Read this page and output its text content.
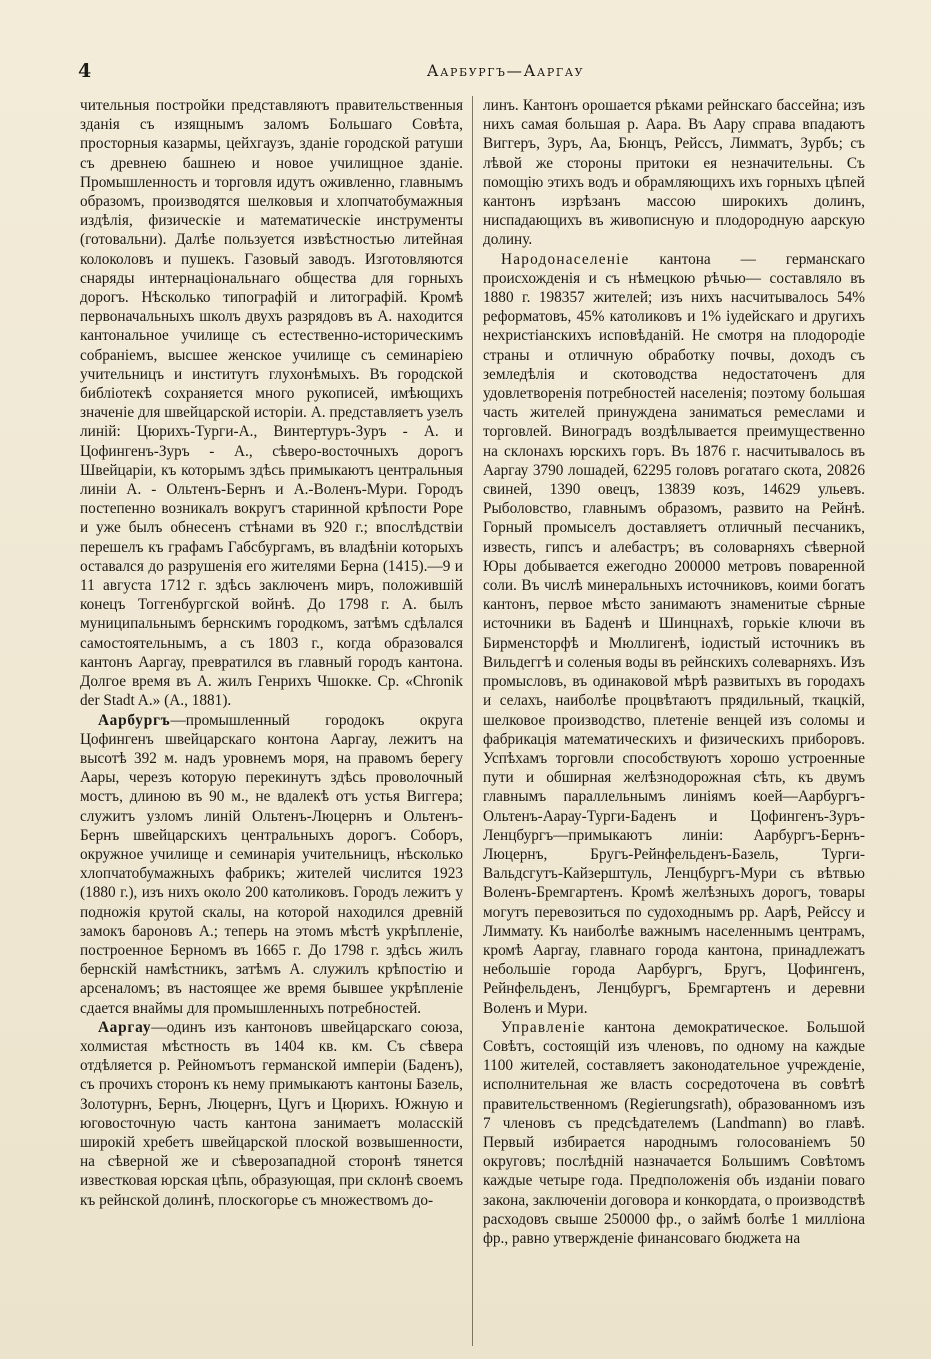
4	Аарбургъ—Ааргау

чительныя постройки представляютъ правительственныя зданія съ изящнымъ заломъ Большаго Совѣта, просторныя казармы, цейхгаузъ, зданіе городской ратуши съ древнею башнею и новое училищное зданіе. Промышленность и торговля идутъ оживленно, главнымъ образомъ, производятся шелковыя и хлопчатобумажныя издѣлія, физическіе и математическіе инструменты (готовальни). Далѣе пользуется извѣстностью литейная колоколовъ и пушекъ. Газовый заводъ. Изготовляются снаряды интернаціональнаго общества для горныхъ дорогъ. Нѣсколько типографій и литографій. Кромѣ первоначальныхъ школъ двухъ разрядовъ въ А. находится кантональное училище съ естественно-историческимъ собраніемъ, высшее женское училище съ семинаріею учительницъ и институтъ глухонѣмыхъ. Въ городской библіотекѣ сохраняется много рукописей, имѣющихъ значеніе для швейцарской исторіи. А. представляетъ узелъ линій: Цюрихъ-Турги-А., Винтертуръ-Зуръ - А. и Цофингенъ-Зуръ - А., сѣверо-восточныхъ дорогъ Швейцаріи, къ которымъ здѣсь примыкаютъ центральныя линіи А. - Ольтенъ-Бернъ и А.-Воленъ-Мури. Городъ постепенно возникалъ вокругъ старинной крѣпости Роре и уже былъ обнесенъ стѣнами въ 920 г.; впослѣдствіи перешелъ къ графамъ Габсбургамъ, въ владѣніи которыхъ оставался до разрушенія его жителями Берна (1415).—9 и 11 августа 1712 г. здѣсь заключенъ миръ, положившій конецъ Тоггенбургской войнѣ. До 1798 г. А. былъ муниципальнымъ бернскимъ городкомъ, затѣмъ сдѣлался самостоятельнымъ, а съ 1803 г., когда образовался кантонъ Ааргау, превратился въ главный городъ кантона. Долгое время въ А. жилъ Генрихъ Чшокке. Ср. «Chronik der Stadt A.» (A., 1881).

Аарбургъ—промышленный городокъ округа Цофингенъ швейцарскаго контона Ааргау, лежитъ на высотѣ 392 м. надъ уровнемъ моря, на правомъ берегу Аары, черезъ которую перекинутъ здѣсь проволочный мостъ, длиною въ 90 м., не вдалекѣ отъ устья Виггера; служитъ узломъ линій Ольтенъ-Люцернъ и Ольтенъ-Бернъ швейцарскихъ центральныхъ дорогъ. Соборъ, окружное училище и семинарія учительницъ, нѣсколько хлопчатобумажныхъ фабрикъ; жителей числится 1923 (1880 г.), изъ нихъ около 200 католиковъ. Городъ лежитъ у подножія крутой скалы, на которой находился древній замокъ бароновъ А.; теперь на этомъ мѣстѣ укрѣпленіе, построенное Бернoмъ въ 1665 г. До 1798 г. здѣсь жилъ бернскій намѣстникъ, затѣмъ А. служилъ крѣпостію и арсеналомъ; въ настоящее же время бывшее укрѣпленіе сдается внаймы для промышленныхъ потребностей.

Ааргау—одинъ изъ кантоновъ швейцарскаго союза, холмистая мѣстность въ 1404 кв. км. Съ сѣвера отдѣляется р. Рейномъотъ германской имперіи (Баденъ), съ прочихъ сторонъ къ нему примыкаютъ кантоны Базель, Золотурнъ, Бернъ, Люцернъ, Цугъ и Цюрихъ. Южную и юговосточную часть кантона занимаетъ моласскій широкій хребетъ швейцарской плоской возвышенности, на сѣверной же и сѣверозападной сторонѣ тянется известковая юрская цѣпь, образующая, при склонѣ своемъ къ рейнской долинѣ, плоскогорье съ множествомъ до-

линъ. Кантонъ орошается рѣками рейнскаго бассейна; изъ нихъ самая большая р. Аара. Въ Аару справа впадаютъ Виггеръ, Зуръ, Аа, Бюнцъ, Рейссъ, Лимматъ, Зурбъ; съ лѣвой же стороны притоки ея незначительны. Съ помощію этихъ водъ и обрамляющихъ ихъ горныхъ цѣпей кантонъ изрѣзанъ массою широкихъ долинъ, ниспадающихъ въ живописную и плодородную аарскую долину.

Народонаселеніе кантона — германскаго происхожденія и съ нѣмецкою рѣчью— составляло въ 1880 г. 198357 жителей; изъ нихъ насчитывалось 54% реформатовъ, 45% католиковъ и 1% іудейскаго и другихъ нехристіанскихъ исповѣданій. Не смотря на плодородіе страны и отличную обработку почвы, доходъ съ земледѣлія и скотоводства недостаточенъ для удовлетворенія потребностей населенія; поэтому большая часть жителей принуждена заниматься ремеслами и торговлей. Виноградъ воздѣлывается преимущественно на склонахъ юрскихъ горъ. Въ 1876 г. насчитывалось въ Ааргау 3790 лошадей, 62295 головъ рогатаго скота, 20826 свиней, 1390 овецъ, 13839 козъ, 14629 ульевъ. Рыболовство, главнымъ образомъ, развито на Рейнѣ. Горный промыселъ доставляетъ отличный песчаникъ, известь, гипсъ и алебастръ; въ соловарняхъ сѣверной Юры добывается ежегодно 200000 метровъ поваренной соли. Въ числѣ минеральныхъ источниковъ, коими богатъ кантонъ, первое мѣсто занимаютъ знаменитые сѣрные источники въ Баденѣ и Шинцнахѣ, горькіе ключи въ Бирменсторфѣ и Мюллигенѣ, іодистый источникъ въ Вильдеггѣ и соленыя воды въ рейнскихъ солеварняхъ. Изъ промысловъ, въ одинаковой мѣрѣ развитыхъ въ городахъ и селахъ, наиболѣе процвѣтаютъ прядильный, ткацкій, шелковое производство, плетеніе венцей изъ соломы и фабрикація математическихъ и физическихъ приборовъ. Успѣхамъ торговли способствуютъ хорошо устроенные пути и обширная желѣзнодорожная сѣть, къ двумъ главнымъ параллельнымъ линіямъ коей—Аарбургъ-Ольтенъ-Аарау-Турги-Баденъ и Цофингенъ-Зуръ-Ленцбургъ—примыкаютъ линіи: Аарбургъ-Бернъ-Люцернъ, Бругъ-Рейнфельденъ-Базель, Турги-Вальдсгутъ-Кайзерштуль, Ленцбургъ-Мури съ вѣтвью Воленъ-Бремгартенъ. Кромѣ желѣзныхъ дорогъ, товары могутъ перевозиться по судоходнымъ рр. Аарѣ, Рейссу и Лиммату. Къ наиболѣе важнымъ населеннымъ центрамъ, кромѣ Ааргау, главнаго города кантона, принадлежатъ небольшіе города Аарбургъ, Бругъ, Цофингенъ, Рейнфельденъ, Ленцбургъ, Бремгартенъ и деревни Воленъ и Мури.

Управленіе кантона демократическое. Большой Совѣтъ, состоящій изъ членовъ, по одному на каждые 1100 жителей, составляетъ законодательное учрежденіе, исполнительная же власть сосредоточена въ совѣтѣ правительственномъ (Regierungsrath), образованномъ изъ 7 членовъ съ предсѣдателемъ (Landmann) во главѣ. Первый избирается народнымъ голосованіемъ 50 округовъ; послѣдній назначается Большимъ Совѣтомъ каждые четыре года. Предположенія объ изданіи поваго закона, заключеніи договора и конкордата, о производствѣ расходовъ свыше 250000 фр., о займѣ болѣе 1 милліона фр., равно утвержденіе финансоваго бюджета на
